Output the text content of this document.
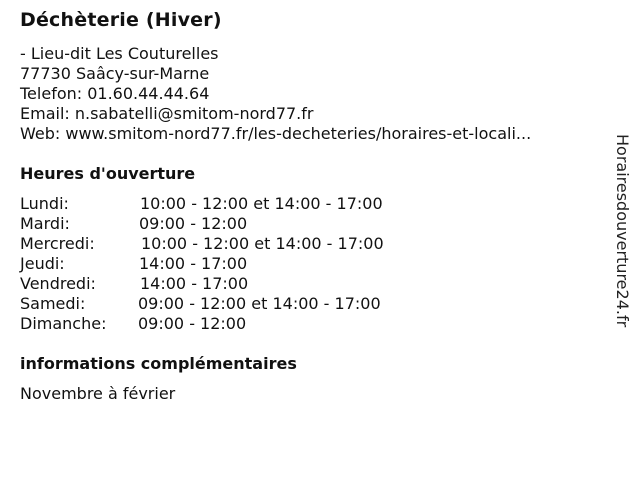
Déchèterie (Hiver)
- Lieu-dit Les Couturelles
77730 Saâcy-sur-Marne
Telefon: 01.60.44.44.64
Email: n.sabatelli@smitom-nord77.fr
Web: www.smitom-nord77.fr/les-decheteries/horaires-et-locali...
Heures d'ouverture
Lundi:	10:00 - 12:00 et 14:00 - 17:00
Mardi:	09:00 - 12:00
Mercredi:	10:00 - 12:00 et 14:00 - 17:00
Jeudi:	14:00 - 17:00
Vendredi:	14:00 - 17:00
Samedi:	09:00 - 12:00 et 14:00 - 17:00
Dimanche: 09:00 - 12:00
informations complémentaires
Novembre à février
Horairesdouverture24.fr
